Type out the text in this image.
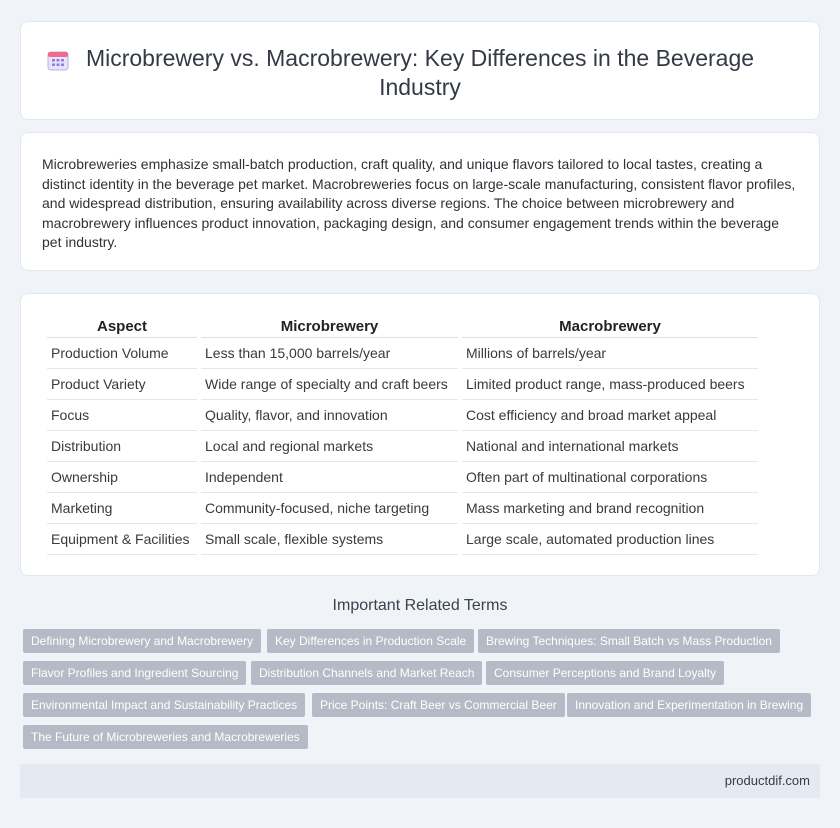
Microbrewery vs. Macrobrewery: Key Differences in the Beverage Industry

Microbreweries emphasize small-batch production, craft quality, and unique flavors tailored to local tastes, creating a distinct identity in the beverage pet market. Macrobreweries focus on large-scale manufacturing, consistent flavor profiles, and widespread distribution, ensuring availability across diverse regions. The choice between microbrewery and macrobrewery influences product innovation, packaging design, and consumer engagement trends within the beverage pet industry.

Aspect	Microbrewery	Macrobrewery
Production Volume	Less than 15,000 barrels/year	Millions of barrels/year
Product Variety	Wide range of specialty and craft beers	Limited product range, mass-produced beers
Focus	Quality, flavor, and innovation	Cost efficiency and broad market appeal
Distribution	Local and regional markets	National and international markets
Ownership	Independent	Often part of multinational corporations
Marketing	Community-focused, niche targeting	Mass marketing and brand recognition
Equipment & Facilities	Small scale, flexible systems	Large scale, automated production lines
Important Related Terms
Defining Microbrewery and Macrobrewery	Key Differences in Production Scale	Brewing Techniques: Small Batch vs Mass Production
Flavor Profiles and Ingredient Sourcing	Distribution Channels and Market Reach	Consumer Perceptions and Brand Loyalty
Environmental Impact and Sustainability Practices	Price Points: Craft Beer vs Commercial Beer	Innovation and Experimentation in Brewing
The Future of Microbreweries and Macrobreweries
productdif.com
